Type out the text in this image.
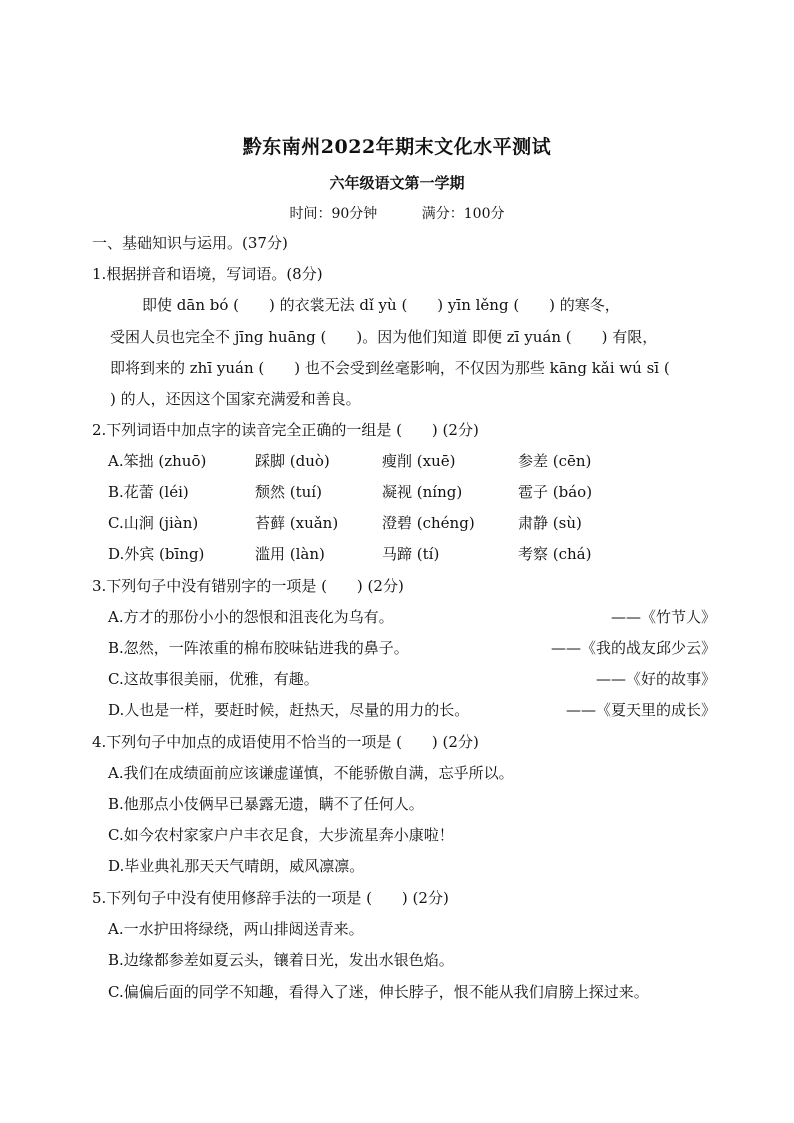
黔东南州2022年期末文化水平测试
六年级语文第一学期
时间：90分钟	满分：100分
一、基础知识与运用。(37分)
1.根据拼音和语境，写词语。(8分)
即使 dān bó (　　) 的衣裳无法 dǐ yù (　　) yīn lěng (　　) 的寒冬，
受困人员也完全不 jīng huāng (　　)。因为他们知道 即便 zī yuán (　　) 有限，
即将到来的 zhī yuán (　　) 也不会受到丝毫影响，不仅因为那些 kāng kǎi wú sī (
) 的人，还因这个国家充满爱和善良。
2.下列词语中加点字的读音完全正确的一组是 (　　) (2分)
A.笨拙 (zhuō)	踩脚 (duò)	瘦削 (xuē)	参差 (cēn)
B.花蕾 (léi)	颓然 (tuí)	凝视 (níng)	雹子 (báo)
C.山涧 (jiàn)	苔藓 (xuǎn)	澄碧 (chéng)	肃静 (sù)
D.外宾 (bīng)	滥用 (làn)	马蹄 (tí)	考察 (chá)
3.下列句子中没有错别字的一项是 (　　) (2分)
A.方才的那份小小的怨恨和沮丧化为乌有。	——《竹节人》
B.忽然，一阵浓重的棉布胶味钻进我的鼻子。	——《我的战友邱少云》
C.这故事很美丽，优雅，有趣。	——《好的故事》
D.人也是一样，要赶时候，赶热天，尽量的用力的长。	——《夏天里的成长》
4.下列句子中加点的成语使用不恰当的一项是 (　　) (2分)
A.我们在成绩面前应该谦虚谨慎，不能骄傲自满，忘乎所以。
B.他那点小伎俩早已暴露无遗，瞒不了任何人。
C.如今农村家家户户丰衣足食，大步流星奔小康啦！
D.毕业典礼那天天气晴朗，威风凛凛。
5.下列句子中没有使用修辞手法的一项是 (　　) (2分)
A.一水护田将绿绕，两山排闼送青来。
B.边缘都参差如夏云头，镶着日光，发出水银色焰。
C.偏偏后面的同学不知趣，看得入了迷，伸长脖子，恨不能从我们肩膀上探过来。
